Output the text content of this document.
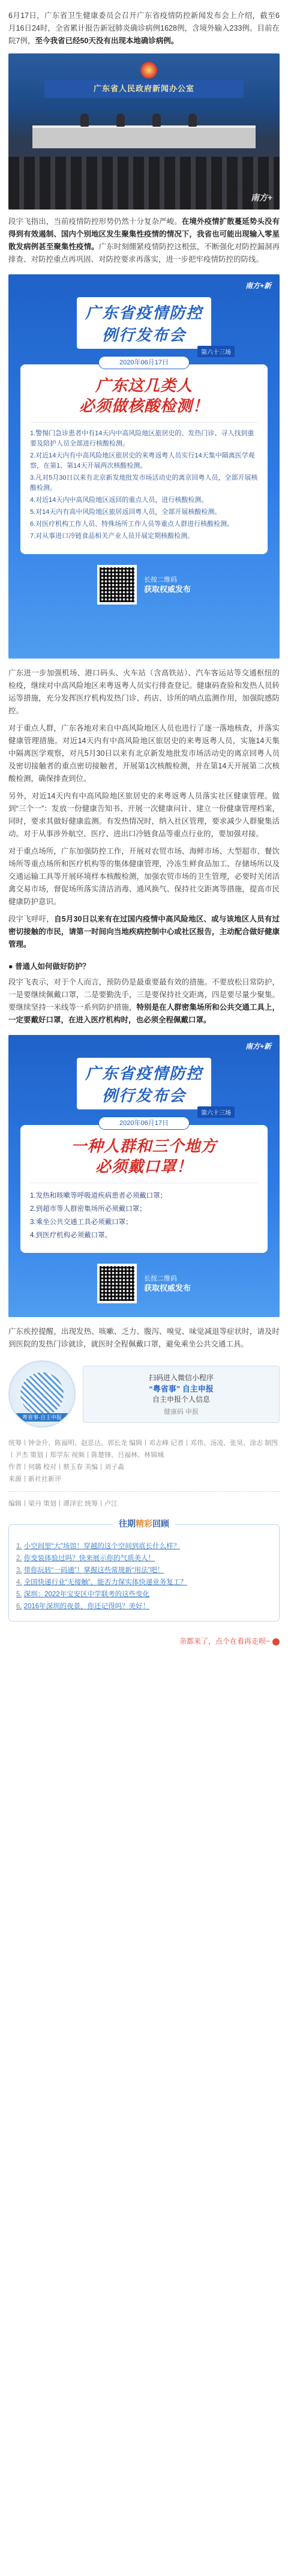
6月17日，广东省卫生健康委员会召开广东省疫情防控新闻发布会上介绍，截至6月16日24时，全省累计报告新冠肺炎确诊病例1628例，含境外输入233例。目前在院7例，至今我省已经50天没有出现本地确诊病例。

广东省人民政府新闻办公室
南方+

段宇飞指出，当前疫情防控形势仍然十分复杂严峻。在境外疫情扩散蔓延势头没有得到有效遏制、国内个别地区发生聚集性疫情的情况下，我省也可能出现输入零星散发病例甚至聚集性疫情。广东时刻绷紧疫情防控这根弦，不断强化对防控漏洞再排查、对防控重点再巩固、对防控要求再落实，进一步把牢疫情防控的防线。

南方+新
广东省疫情防控
例行发布会
第六十三场
2020年06月17日
广东这几类人
必须做核酸检测！
1.警惕门急诊患者中有14天内中高风险地区旅居史的、发热门诊、寻人找到重要及陪护人员全部进行核酸检测。
2.对近14天内有中高风险地区旅居史的来粤返粤人员实行14天集中隔离医学观察，在第1、第14天开展两次核酸检测。
3.凡对5月30日以来有北京新发地批发市场活动史的离京回粤人员，全部开展核酸检测。
4.对近14天内中高风险地区返回的重点人员，进行核酸检测。
5.对14天内有高中风险地区旅居返回粤人员，全部开展核酸检测。
6.对医疗机构工作人员、特殊场所工作人员等重点人群进行核酸检测。
7.对从事进口冷链食品相关产业人员开展定期核酸检测。
长按二维码
获取权威发布

广东进一步加强机场、港口码头、火车站（含高铁站）、汽车客运站等交通枢纽的检疫，继续对中高风险地区来粤返粤人员实行排查登记。健康码查验和发热人员转运等措施，充分发挥医疗机构发热门诊、药店、诊所的哨点监测作用，加强院感防控。

对于重点人群，广东各地对来自中高风险地区人员也进行了逐一落地核查，并落实健康管理措施。对近14天内有中高风险地区旅居史的来粤返粤人员，实施14天集中隔离医学观察，对凡5月30日以来有北京新发地批发市场活动史的离京回粤人员及密切接触者的重点密切接触者，开展第1次核酸检测，并在第14天开展第二次核酸检测，确保排查到位。

另外，对近14天内有中高风险地区旅居史的来粤返粤人员落实社区健康管理。做到“三个一”：发放一份健康告知书、开展一次健康问计、建立一份健康管理档案，同时，要求其做好健康监测。有发热情况时，纳入社区管理，要求减少人群聚集活动。对于从事涉外航空、医疗、进出口冷链食品等重点行业的，要加强对接。

对于重点场所，广东加强防控工作，开展对农贸市场、海鲜市场、大型超市、餐饮场所等重点场所和医疗机构等的集体健康管理，冷冻生鲜食品加工、存储场所以及交通运输工具等开展环境样本核酸检测，加强农贸市场的卫生管理，必要时关闭活禽交易市场，督促场所落实清洁消毒、通风换气、保持社交距离等措施，提高市民健康防护意识。

段宇飞呼吁，自5月30日以来有在过国内疫情中高风险地区、或与该地区人员有过密切接触的市民，请第一时间向当地疾病控制中心或社区报告，主动配合做好健康管理。

● 普通人如何做好防护？

段宇飞表示，对于个人而言，预防仍是最重要最有效的措施。不要放松日常防护，一是要继续佩戴口罩，二是要勤洗手，三是要保持社交距离，四是要尽量少聚集。要继续坚持一米线等一系列防护措施，特别是在人群密集场所和公共交通工具上，一定要戴好口罩，在进入医疗机构时，也必须全程佩戴口罩。

南方+新
广东省疫情防控
例行发布会
第六十三场
2020年06月17日
一种人群和三个地方
必须戴口罩！
1.发热和咳嗽等呼吸道疾病患者必须戴口罩；
2.到超市等人群密集场所必须戴口罩；
3.乘坐公共交通工具必须戴口罩；
4.到医疗机构必须戴口罩。
长按二维码
获取权威发布

广东疾控提醒，出现发热、咳嗽、乏力、腹泻、嗅觉、味觉减退等症状时，请及时到医院的发热门诊就诊，就医时全程佩戴口罩，避免乘坐公共交通工具。

粤省事·自主申报
扫码进入微信小程序
“粤省事” 自主申报
自主申报个人信息
健康码 申报
统筹丨钟金升、陈福明、赵思达、郭长龙 编辑丨邓志峰 记者丨邓伟、汤凌、张昊、涂志 制图丨尹杰 策划丨郑学东 视频丨陈楚锋、吕福林、林锦城
作者丨何璐 校对丨蔡玉春 美编丨刘子淼
来源丨新社社新评
编辑丨梁丹 策划丨谭泽宏 统筹丨卢江
往期精彩回顾
1. 小空间里“大”场馆！穿越的这个空间到底长什么样？
2. 你变装体验过吗？快来展示你的气质美人！
3. 带你玩转“一码通”！掌握这些常规新“用法”吧！
4. 全国快递行业“无接触”，能否力保实体快递业务复工？
5. 深圳：2022年宝安区中学联考的这些变化
6. 2016年深圳的夜景，你还记得吗？美好！
亲都来了，点个在看再走呗~
